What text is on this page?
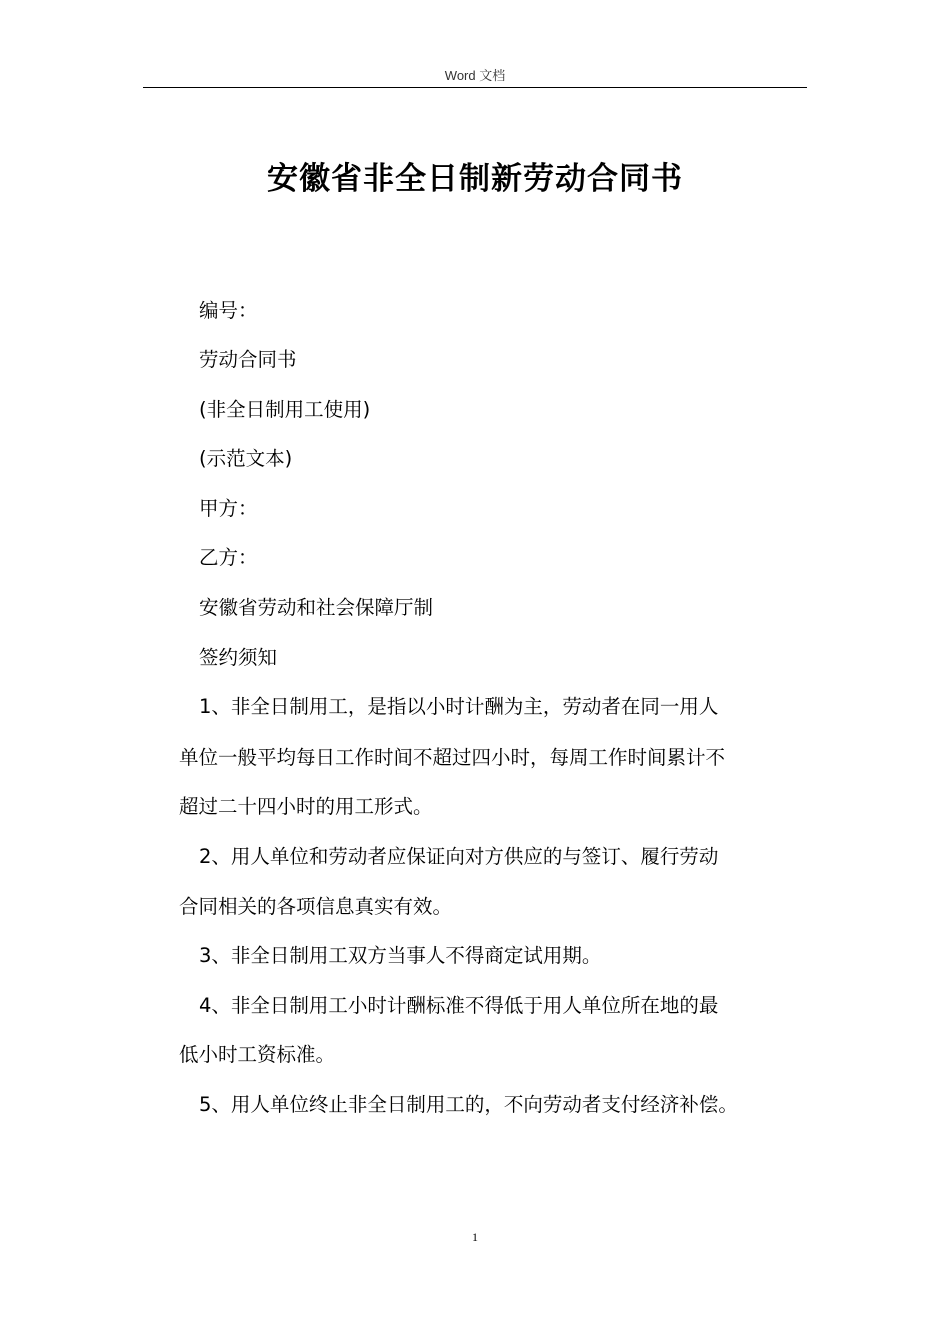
Word 文档
安徽省非全日制新劳动合同书
编号：
劳动合同书
(非全日制用工使用)
(示范文本)
甲方：
乙方：
安徽省劳动和社会保障厅制
签约须知
1、非全日制用工，是指以小时计酬为主，劳动者在同一用人
单位一般平均每日工作时间不超过四小时，每周工作时间累计不
超过二十四小时的用工形式。
2、用人单位和劳动者应保证向对方供应的与签订、履行劳动
合同相关的各项信息真实有效。
3、非全日制用工双方当事人不得商定试用期。
4、非全日制用工小时计酬标准不得低于用人单位所在地的最
低小时工资标准。
5、用人单位终止非全日制用工的，不向劳动者支付经济补偿。
1
